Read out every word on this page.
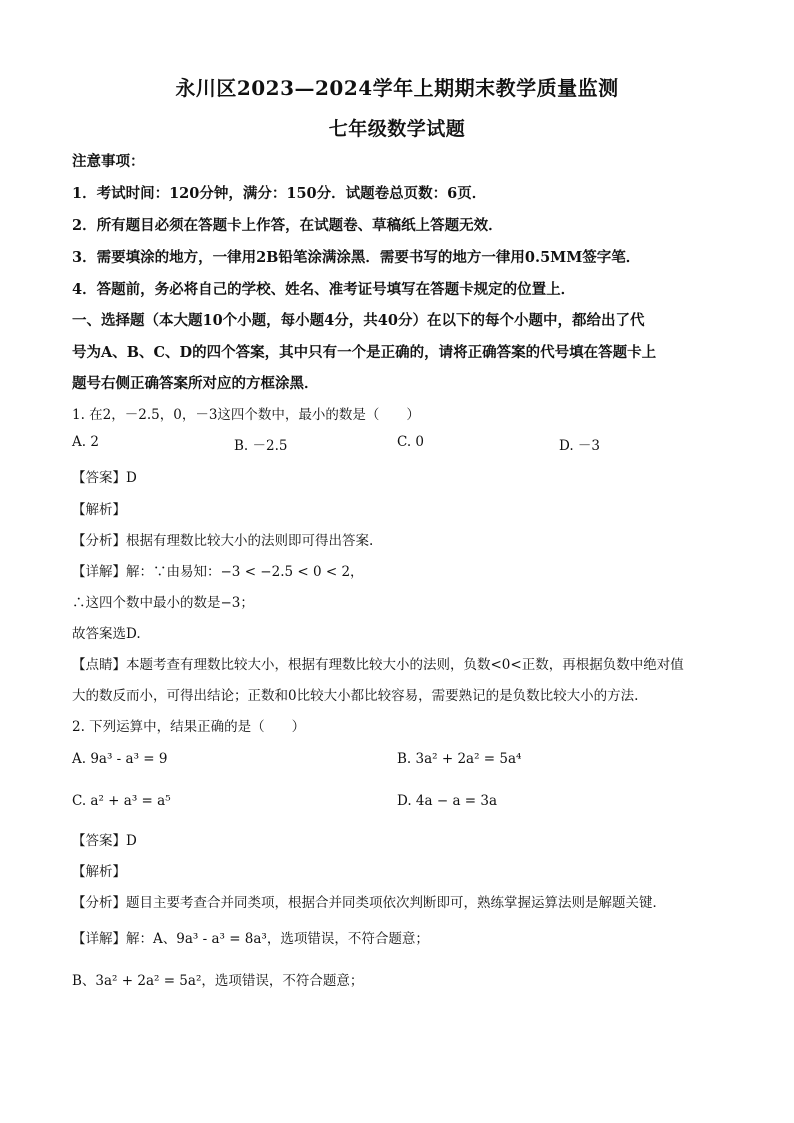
永川区2023—2024学年上期期末教学质量监测
七年级数学试题
注意事项：
1．考试时间：120分钟，满分：150分．试题卷总页数：6页．
2．所有题目必须在答题卡上作答，在试题卷、草稿纸上答题无效．
3．需要填涂的地方，一律用2B铅笔涂满涂黑．需要书写的地方一律用0.5MM签字笔．
4．答题前，务必将自己的学校、姓名、准考证号填写在答题卡规定的位置上．
一、选择题（本大题10个小题，每小题4分，共40分）在以下的每个小题中，都给出了代
号为A、B、C、D的四个答案，其中只有一个是正确的，请将正确答案的代号填在答题卡上
题号右侧正确答案所对应的方框涂黑．
1. 在2，－2.5，0，－3这四个数中，最小的数是（　　）
A. 2	B. －2.5	C. 0	D. －3
【答案】D
【解析】
【分析】根据有理数比较大小的法则即可得出答案.
【详解】解：∵由易知：−3 < −2.5 < 0 < 2，
∴这四个数中最小的数是−3；
故答案选D.
【点睛】本题考查有理数比较大小，根据有理数比较大小的法则，负数<0<正数，再根据负数中绝对值
大的数反而小，可得出结论；正数和0比较大小都比较容易，需要熟记的是负数比较大小的方法.
2. 下列运算中，结果正确的是（　　）
A. 9a³ - a³ = 9	B. 3a² + 2a² = 5a⁴
C. a² + a³ = a⁵	D. 4a − a = 3a
【答案】D
【解析】
【分析】题目主要考查合并同类项，根据合并同类项依次判断即可，熟练掌握运算法则是解题关键．
【详解】解：A、9a³ - a³ = 8a³，选项错误，不符合题意；
B、3a² + 2a² = 5a²，选项错误，不符合题意；
